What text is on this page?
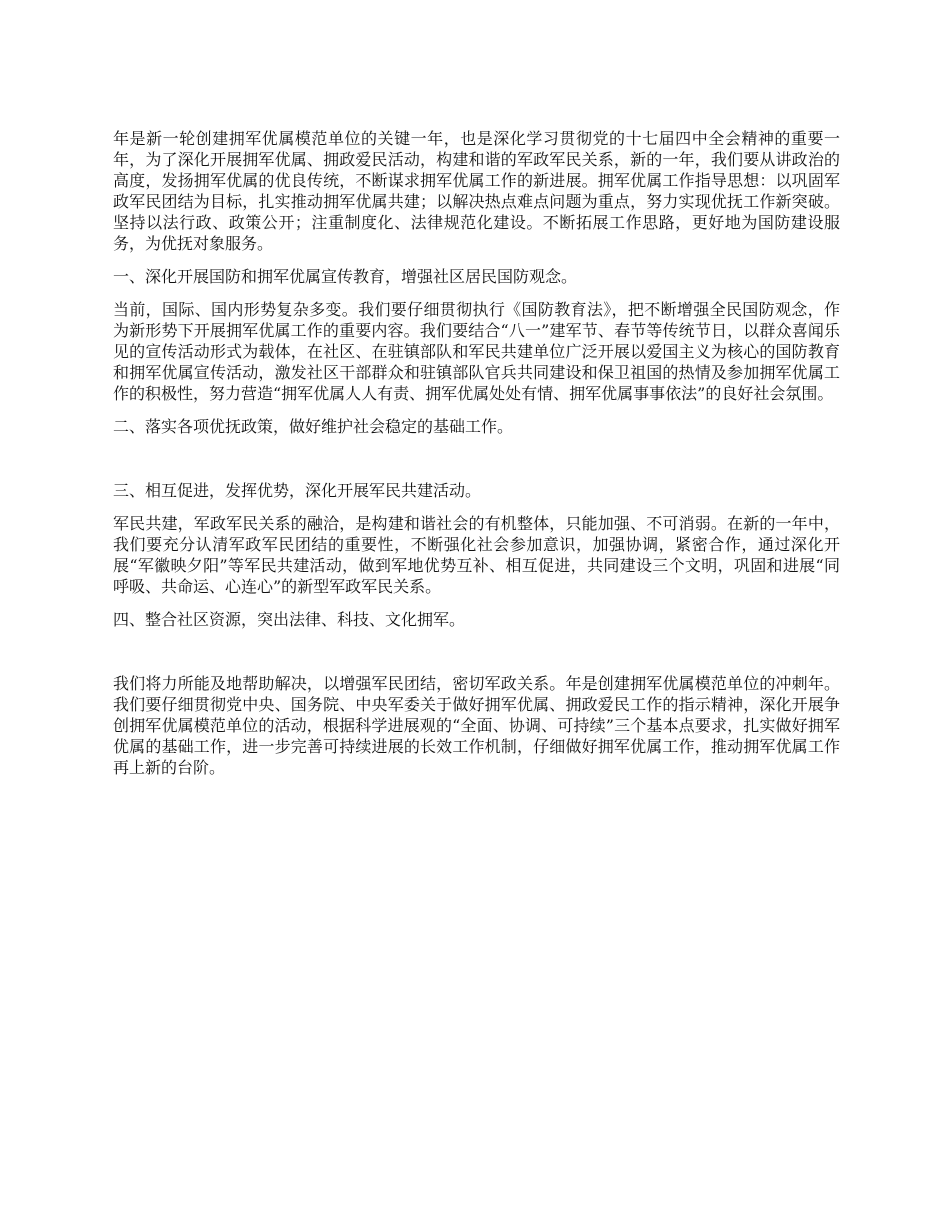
年是新一轮创建拥军优属模范单位的关键一年，也是深化学习贯彻党的十七届四中全会精神的重要一年，为了深化开展拥军优属、拥政爱民活动，构建和谐的军政军民关系，新的一年，我们要从讲政治的高度，发扬拥军优属的优良传统，不断谋求拥军优属工作的新进展。拥军优属工作指导思想：以巩固军政军民团结为目标，扎实推动拥军优属共建；以解决热点难点问题为重点，努力实现优抚工作新突破。坚持以法行政、政策公开；注重制度化、法律规范化建设。不断拓展工作思路，更好地为国防建设服务，为优抚对象服务。

一、深化开展国防和拥军优属宣传教育，增强社区居民国防观念。

当前，国际、国内形势复杂多变。我们要仔细贯彻执行《国防教育法》，把不断增强全民国防观念，作为新形势下开展拥军优属工作的重要内容。我们要结合“八一”建军节、春节等传统节日，以群众喜闻乐见的宣传活动形式为载体，在社区、在驻镇部队和军民共建单位广泛开展以爱国主义为核心的国防教育和拥军优属宣传活动，激发社区干部群众和驻镇部队官兵共同建设和保卫祖国的热情及参加拥军优属工作的积极性，努力营造“拥军优属人人有责、拥军优属处处有情、拥军优属事事依法”的良好社会氛围。

二、落实各项优抚政策，做好维护社会稳定的基础工作。

三、相互促进，发挥优势，深化开展军民共建活动。

军民共建，军政军民关系的融洽，是构建和谐社会的有机整体，只能加强、不可消弱。在新的一年中，我们要充分认清军政军民团结的重要性，不断强化社会参加意识，加强协调，紧密合作，通过深化开展“军徽映夕阳”等军民共建活动，做到军地优势互补、相互促进，共同建设三个文明，巩固和进展“同呼吸、共命运、心连心”的新型军政军民关系。

四、整合社区资源，突出法律、科技、文化拥军。

我们将力所能及地帮助解决，以增强军民团结，密切军政关系。年是创建拥军优属模范单位的冲刺年。我们要仔细贯彻党中央、国务院、中央军委关于做好拥军优属、拥政爱民工作的指示精神，深化开展争创拥军优属模范单位的活动，根据科学进展观的“全面、协调、可持续”三个基本点要求，扎实做好拥军优属的基础工作，进一步完善可持续进展的长效工作机制，仔细做好拥军优属工作，推动拥军优属工作再上新的台阶。
